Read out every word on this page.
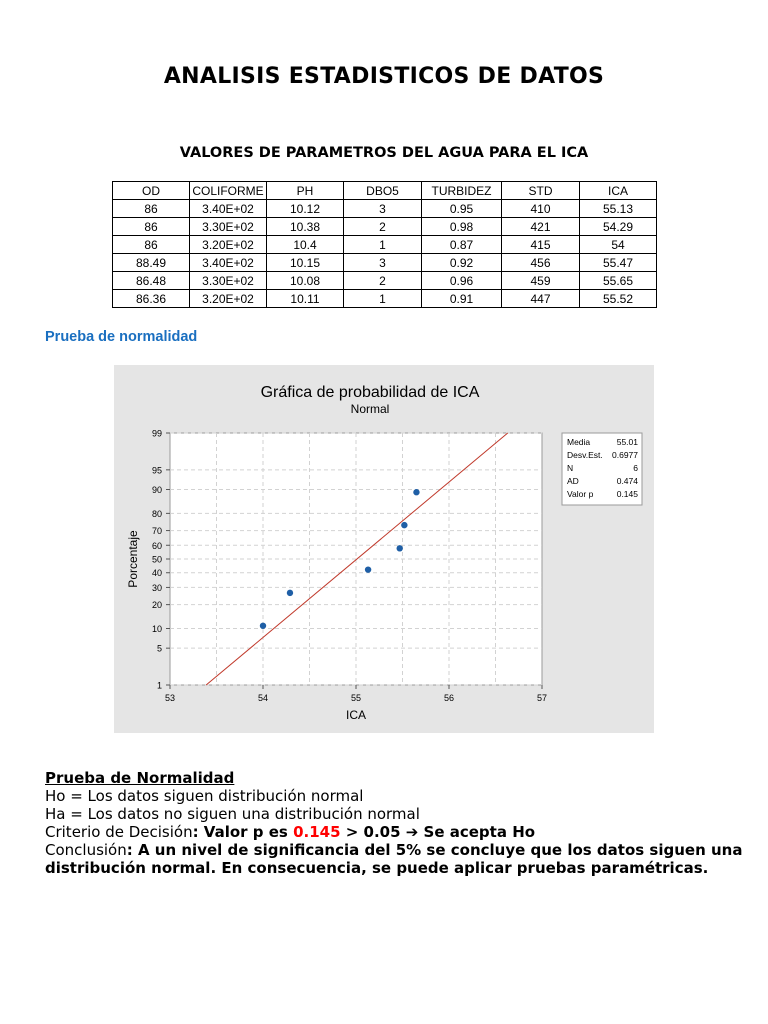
ANALISIS ESTADISTICOS DE DATOS
VALORES DE PARAMETROS DEL AGUA PARA EL ICA
OD	COLIFORME	PH	DBO5	TURBIDEZ	STD	ICA
86	3.40E+02	10.12	3	0.95	410	55.13
86	3.30E+02	10.38	2	0.98	421	54.29
86	3.20E+02	10.4	1	0.87	415	54
88.49	3.40E+02	10.15	3	0.92	456	55.47
86.48	3.30E+02	10.08	2	0.96	459	55.65
86.36	3.20E+02	10.11	1	0.91	447	55.52
Prueba de normalidad
Gráfica de probabilidad de ICA
Normal
1
5
10
20
30
40
50
60
70
80
90
95
99
53	54	55	56	57
ICA
Porcentaje
Media	55.01
Desv.Est. 0.6977
N	6
AD	0.474
Valor p	0.145
Prueba de Normalidad
Ho = Los datos siguen distribución normal
Ha = Los datos no siguen una distribución normal
Criterio de Decisión: Valor p es 0.145 > 0.05 ➔ Se acepta Ho
Conclusión: A un nivel de significancia del 5% se concluye que los datos siguen una distribución normal. En consecuencia, se puede aplicar pruebas paramétricas.
